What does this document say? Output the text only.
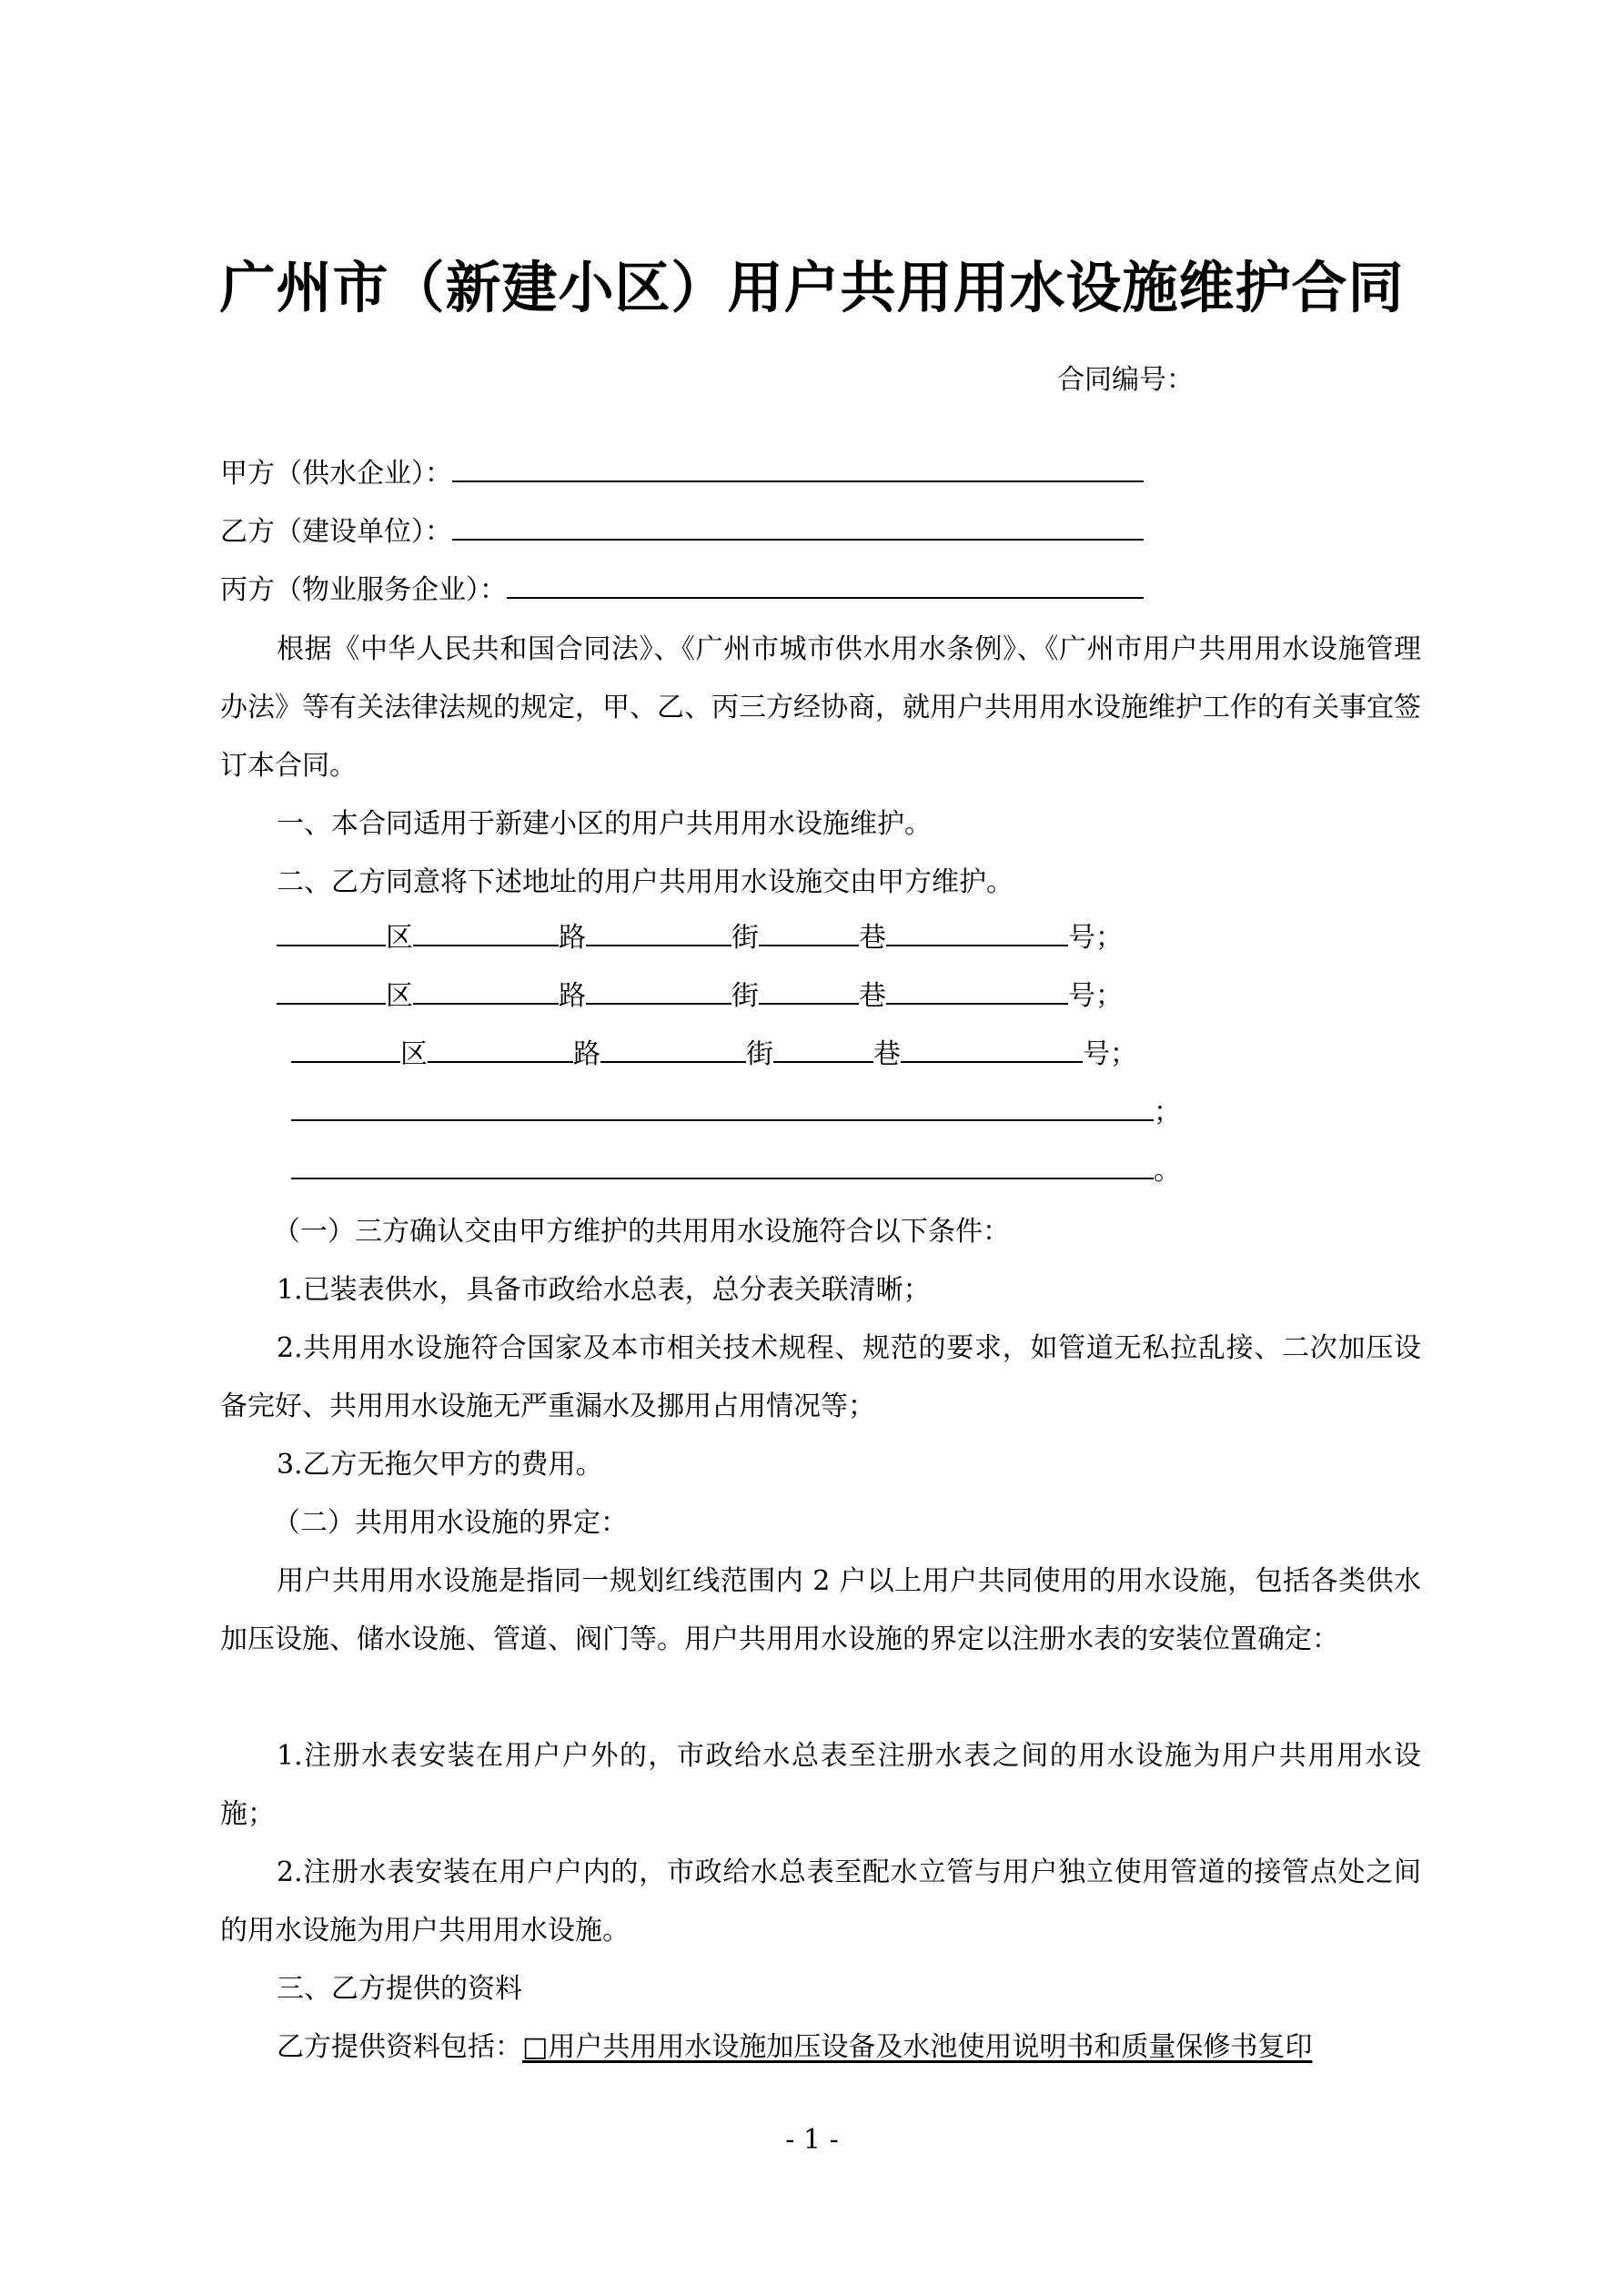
广州市（新建小区）用户共用用水设施维护合同
合同编号：
甲方（供水企业）：
乙方（建设单位）：
丙方（物业服务企业）：

根据《中华人民共和国合同法》、《广州市城市供水用水条例》、《广州市用户共用用水设施管理办法》等有关法律法规的规定，甲、乙、丙三方经协商，就用户共用用水设施维护工作的有关事宜签订本合同。

一、本合同适用于新建小区的用户共用用水设施维护。

二、乙方同意将下述地址的用户共用用水设施交由甲方维护。

区	路	街	巷	号；
区	路	街	巷	号；
区	路	街	巷	号；
；
。

（一）三方确认交由甲方维护的共用用水设施符合以下条件：

1.已装表供水，具备市政给水总表，总分表关联清晰；

2.共用用水设施符合国家及本市相关技术规程、规范的要求，如管道无私拉乱接、二次加压设备完好、共用用水设施无严重漏水及挪用占用情况等；

3.乙方无拖欠甲方的费用。

（二）共用用水设施的界定：

用户共用用水设施是指同一规划红线范围内 2 户以上用户共同使用的用水设施，包括各类供水加压设施、储水设施、管道、阀门等。用户共用用水设施的界定以注册水表的安装位置确定：

1.注册水表安装在用户户外的，市政给水总表至注册水表之间的用水设施为用户共用用水设施；

2.注册水表安装在用户户内的，市政给水总表至配水立管与用户独立使用管道的接管点处之间的用水设施为用户共用用水设施。

三、乙方提供的资料

乙方提供资料包括：□用户共用用水设施加压设备及水池使用说明书和质量保修书复印

- 1 -
